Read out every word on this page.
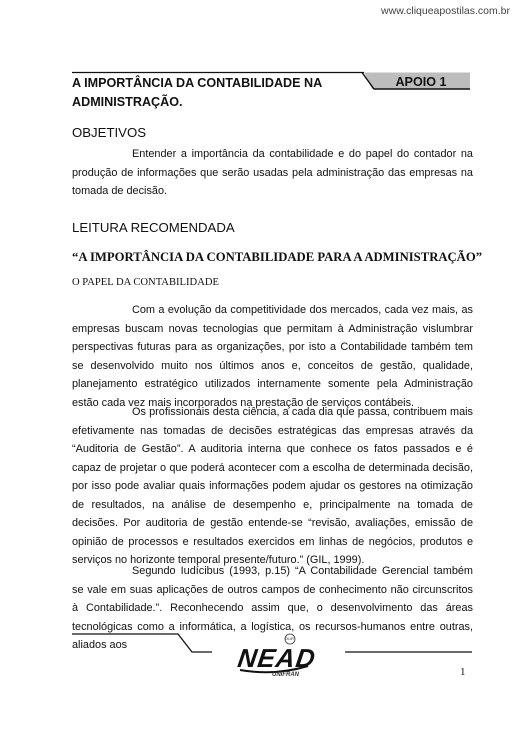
www.cliqueapostilas.com.br
A IMPORTÂNCIA DA CONTABILIDADE NA ADMINISTRAÇÃO.
APOIO 1
OBJETIVOS
Entender a importância da contabilidade e do papel do contador na produção de informações que serão usadas pela administração das empresas na tomada de decisão.
LEITURA RECOMENDADA
“A IMPORTÂNCIA DA CONTABILIDADE PARA A ADMINISTRAÇÃO”
O PAPEL DA CONTABILIDADE
Com a evolução da competitividade dos mercados, cada vez mais, as empresas buscam novas tecnologias que permitam à Administração vislumbrar perspectivas futuras para as organizações, por isto a Contabilidade também tem se desenvolvido muito nos últimos anos e, conceitos de gestão, qualidade, planejamento estratégico utilizados internamente somente pela Administração estão cada vez mais incorporados na prestação de serviços contábeis.
Os profissionais desta ciência, a cada dia que passa, contribuem mais efetivamente nas tomadas de decisões estratégicas das empresas através da “Auditoria de Gestão”. A auditoria interna que conhece os fatos passados e é capaz de projetar o que poderá acontecer com a escolha de determinada decisão, por isso pode avaliar quais informações podem ajudar os gestores na otimização de resultados, na análise de desempenho e, principalmente na tomada de decisões. Por auditoria de gestão entende-se “revisão, avaliações, emissão de opinião de processos e resultados exercidos em linhas de negócios, produtos e serviços no horizonte temporal presente/futuro.” (GIL, 1999).
Segundo Iudícibus (1993, p.15) “A Contabilidade Gerencial também se vale em suas aplicações de outros campos de conhecimento não circunscritos à Contabilidade.”. Reconhecendo assim que, o desenvolvimento das áreas tecnológicas como a informática, a logística, os recursos-humanos entre outras, aliados aos
OUR
NEAD
UNIFRAN	1
